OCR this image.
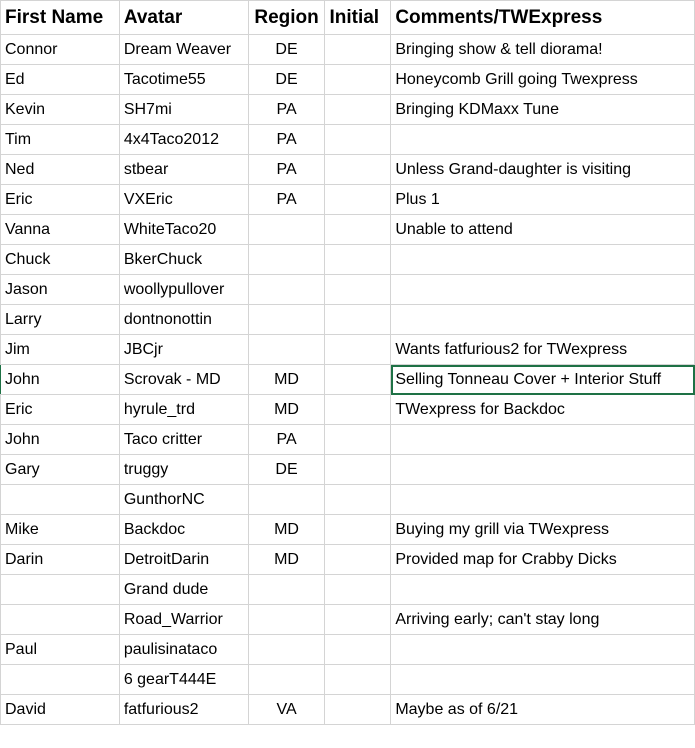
First Name	Avatar	Region	Initial	Comments/TWExpress
Connor	Dream Weaver	DE		Bringing show & tell diorama!
Ed	Tacotime55	DE		Honeycomb Grill going Twexpress
Kevin	SH7mi	PA		Bringing KDMaxx Tune
Tim	4x4Taco2012	PA		
Ned	stbear	PA		Unless Grand-daughter is visiting
Eric	VXEric	PA		Plus 1
Vanna	WhiteTaco20			Unable to attend
Chuck	BkerChuck			
Jason	woollypullover			
Larry	dontnonottin			
Jim	JBCjr			Wants fatfurious2 for TWexpress
John	Scrovak - MD	MD		Selling Tonneau Cover + Interior Stuff
Eric	hyrule_trd	MD		TWexpress for Backdoc
John	Taco critter	PA		
Gary	truggy	DE		
	GunthorNC			
Mike	Backdoc	MD		Buying my grill via TWexpress
Darin	DetroitDarin	MD		Provided map for Crabby Dicks
	Grand dude			
	Road_Warrior			Arriving early; can't stay long
Paul	paulisinataco			
	6 gearT444E			
David	fatfurious2	VA		Maybe as of 6/21
